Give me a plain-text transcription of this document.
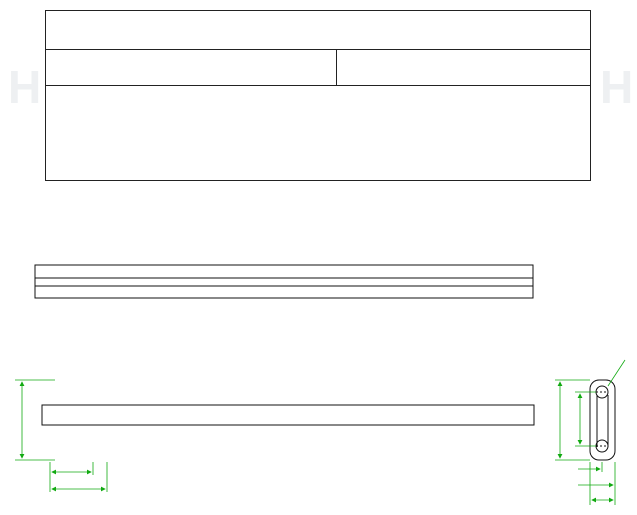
H	H
